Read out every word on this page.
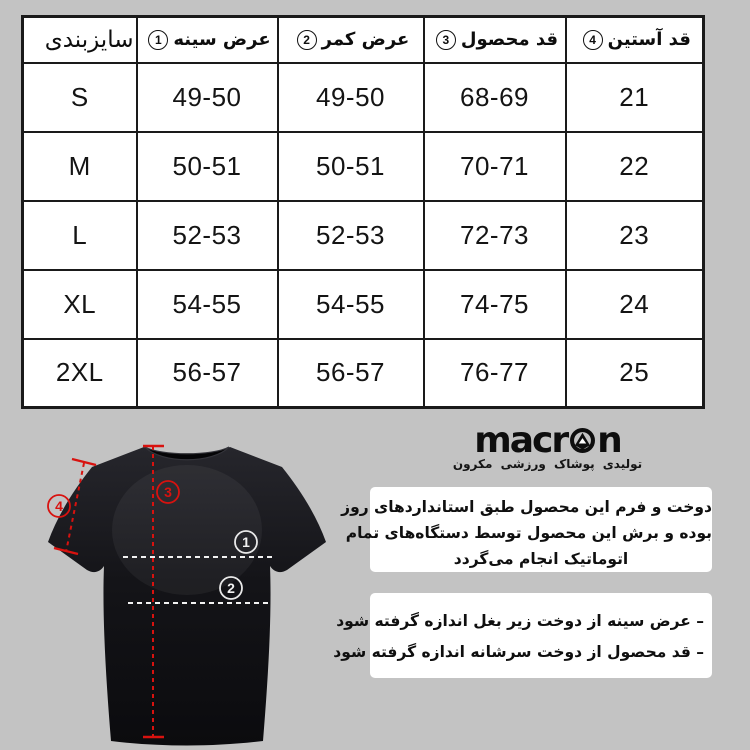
سایزبندی	عرض سینه1	عرض کمر2	قد محصول3	قد آستین4
S	49-50	49-50	68-69	21
M	50-51	50-51	70-71	22
L	52-53	52-53	72-73	23
XL	54-55	54-55	74-75	24
2XL	56-57	56-57	76-77	25
3
4
1
2
macr n
تولیدی پوشاک ورزشی مکرون
دوخت و فرم این محصول طبق استانداردهای روز
بوده و برش این محصول توسط دستگاه‌های تمام
اتوماتیک انجام می‌گردد
– عرض سینه از دوخت زیر بغل اندازه گرفته شود
– قد محصول از دوخت سرشانه اندازه گرفته شود
